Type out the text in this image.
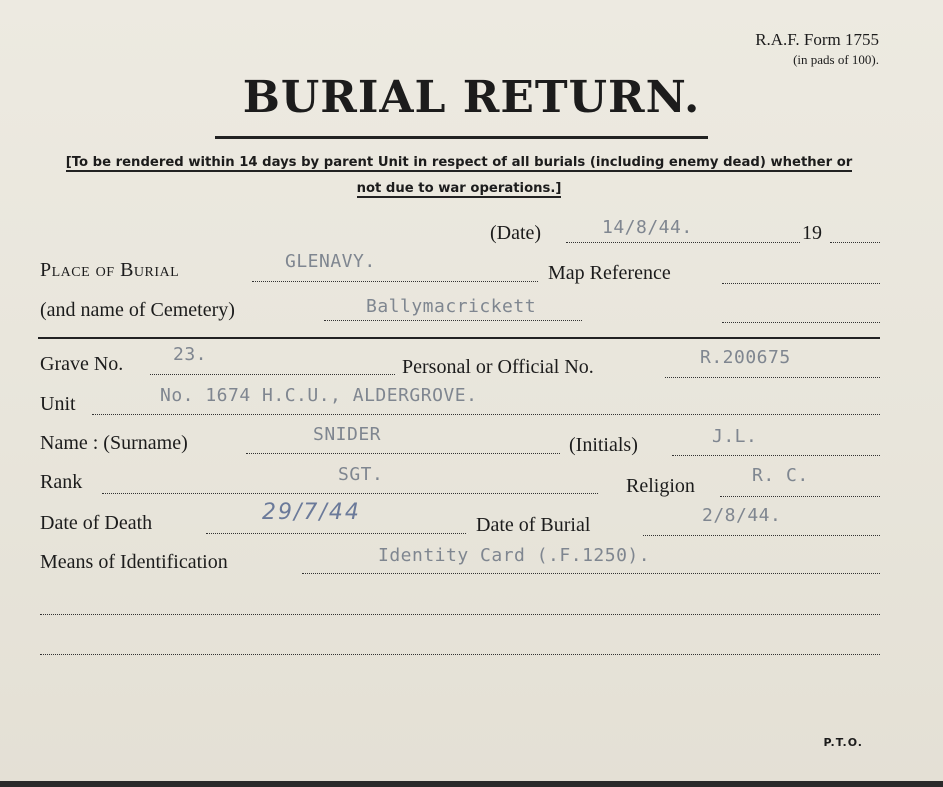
R.A.F. Form 1755
(in pads of 100).
BURIAL RETURN.
[To be rendered within 14 days by parent Unit in respect of all burials (including enemy dead) whether or
not due to war operations.]
(Date)	14/8/44.	19
Place of Burial	GLENAVY.
Map Reference
(and name of Cemetery)	Ballymacrickett
Grave No.	23.
Personal or Official No.	R.200675
Unit	No. 1674 H.C.U., ALDERGROVE.
Name : (Surname)	SNIDER	(Initials)	J.L.
Rank	SGT.
Religion	R. C.
Date of Death	29/7/44	Date of Burial	2/8/44.
Means of Identification	Identity Card (.F.1250).
P.T.O.
